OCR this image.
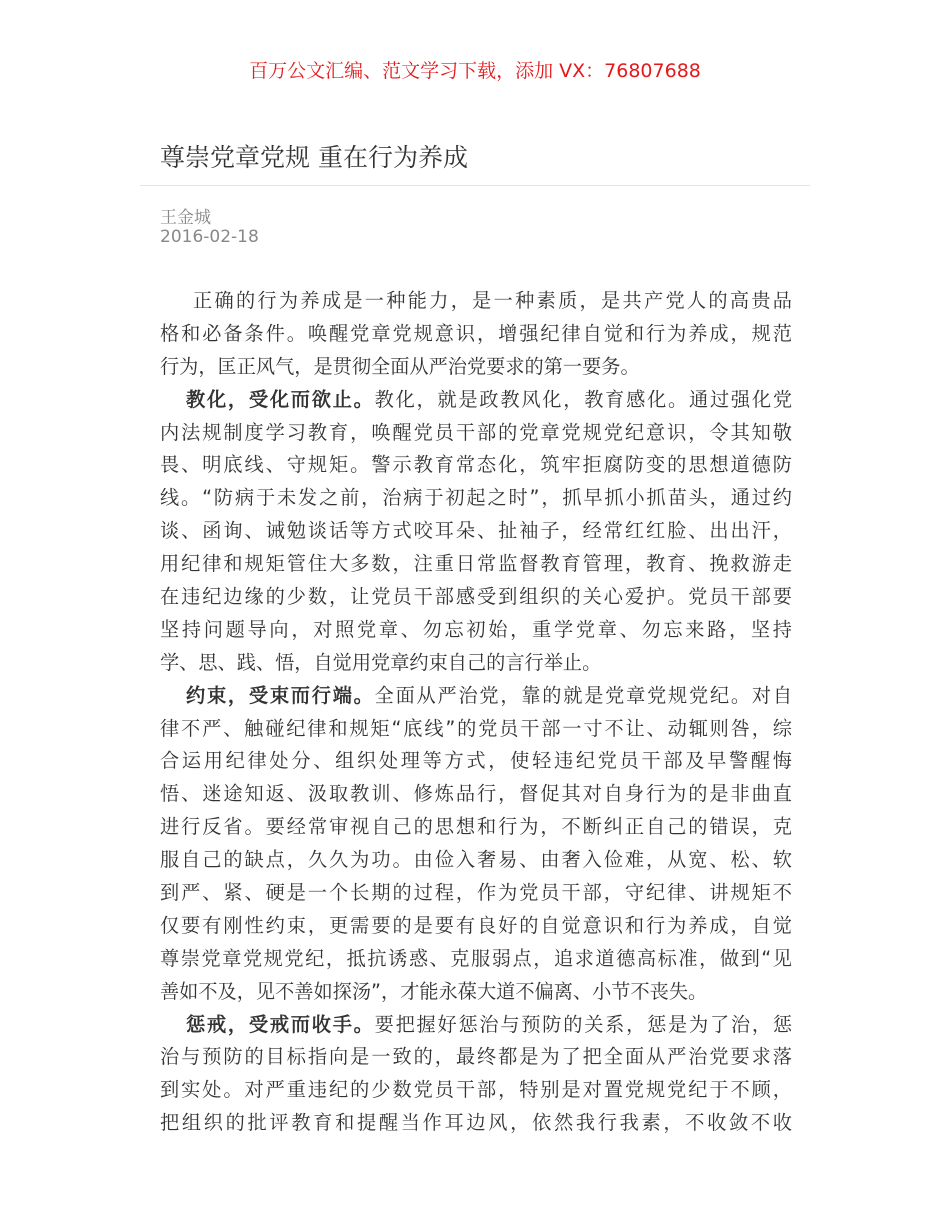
百万公文汇编、范文学习下载，添加 VX：76807688
尊崇党章党规 重在行为养成
王金城
2016-02-18
正确的行为养成是一种能力，是一种素质，是共产党人的高贵品
格和必备条件。唤醒党章党规意识，增强纪律自觉和行为养成，规范
行为，匡正风气，是贯彻全面从严治党要求的第一要务。
教化，受化而欲止。教化，就是政教风化，教育感化。通过强化党
内法规制度学习教育，唤醒党员干部的党章党规党纪意识，令其知敬
畏、明底线、守规矩。警示教育常态化，筑牢拒腐防变的思想道德防
线。“防病于未发之前，治病于初起之时”，抓早抓小抓苗头，通过约
谈、函询、诫勉谈话等方式咬耳朵、扯袖子，经常红红脸、出出汗，
用纪律和规矩管住大多数，注重日常监督教育管理，教育、挽救游走
在违纪边缘的少数，让党员干部感受到组织的关心爱护。党员干部要
坚持问题导向，对照党章、勿忘初始，重学党章、勿忘来路，坚持
学、思、践、悟，自觉用党章约束自己的言行举止。
约束，受束而行端。全面从严治党，靠的就是党章党规党纪。对自
律不严、触碰纪律和规矩“底线”的党员干部一寸不让、动辄则咎，综
合运用纪律处分、组织处理等方式，使轻违纪党员干部及早警醒悔
悟、迷途知返、汲取教训、修炼品行，督促其对自身行为的是非曲直
进行反省。要经常审视自己的思想和行为，不断纠正自己的错误，克
服自己的缺点，久久为功。由俭入奢易、由奢入俭难，从宽、松、软
到严、紧、硬是一个长期的过程，作为党员干部，守纪律、讲规矩不
仅要有刚性约束，更需要的是要有良好的自觉意识和行为养成，自觉
尊崇党章党规党纪，抵抗诱惑、克服弱点，追求道德高标准，做到“见
善如不及，见不善如探汤”，才能永葆大道不偏离、小节不丧失。
惩戒，受戒而收手。要把握好惩治与预防的关系，惩是为了治，惩
治与预防的目标指向是一致的，最终都是为了把全面从严治党要求落
到实处。对严重违纪的少数党员干部，特别是对置党规党纪于不顾，
把组织的批评教育和提醒当作耳边风，依然我行我素，不收敛不收
